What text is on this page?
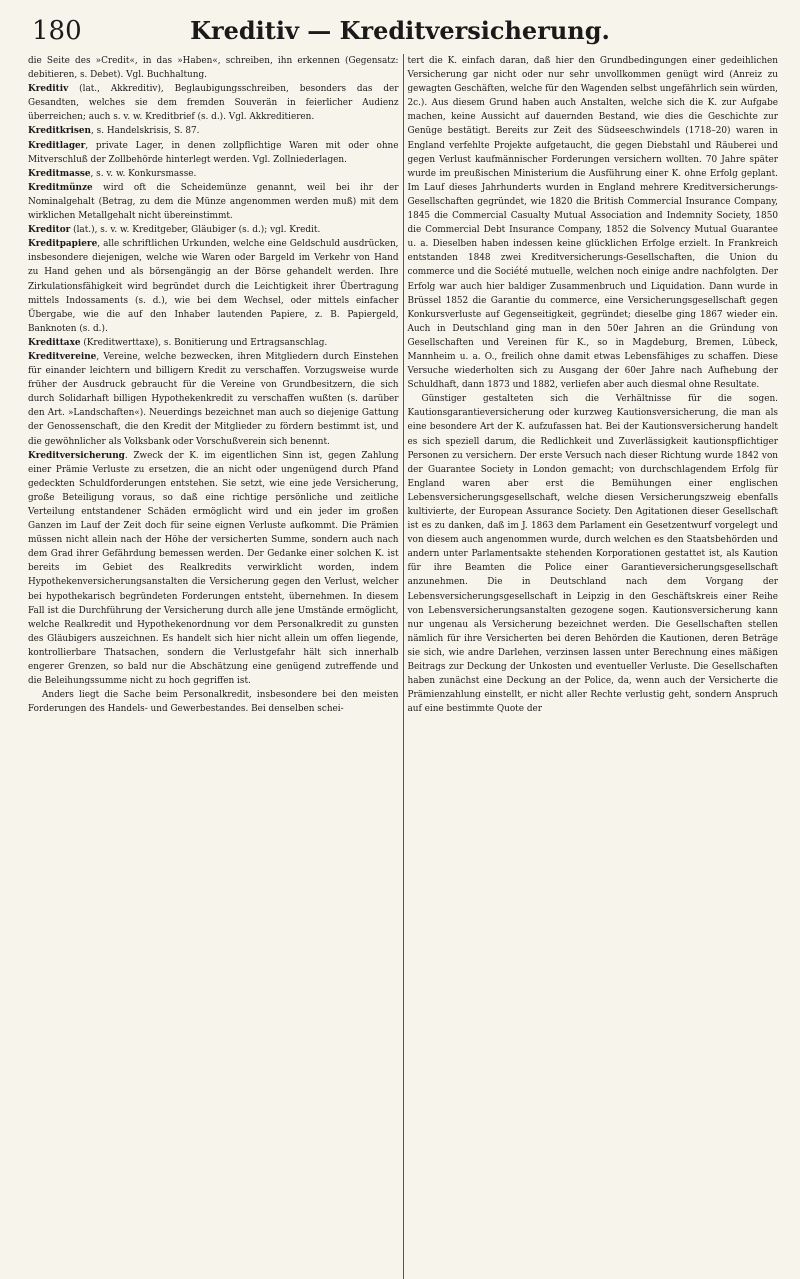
180	Kreditiv — Kreditversicherung.

die Seite des »Credit«, in das »Haben«, schreiben, ihn erkennen (Gegensatz: debitieren, s. Debet). Vgl. Buchhaltung.

Kreditiv (lat., Akkreditiv), Beglaubigungsschreiben, besonders das der Gesandten, welches sie dem fremden Souverän in feierlicher Audienz überreichen; auch s. v. w. Kreditbrief (s. d.). Vgl. Akkreditieren.

Kreditkrisen, s. Handelskrisis, S. 87.

Kreditlager, private Lager, in denen zollpflichtige Waren mit oder ohne Mitverschluß der Zollbehörde hinterlegt werden. Vgl. Zollniederlagen.

Kreditmasse, s. v. w. Konkursmasse.

Kreditmünze wird oft die Scheidemünze genannt, weil bei ihr der Nominalgehalt (Betrag, zu dem die Münze angenommen werden muß) mit dem wirklichen Metallgehalt nicht übereinstimmt.

Kreditor (lat.), s. v. w. Kreditgeber, Gläubiger (s. d.); vgl. Kredit.

Kreditpapiere, alle schriftlichen Urkunden, welche eine Geldschuld ausdrücken, insbesondere diejenigen, welche wie Waren oder Bargeld im Verkehr von Hand zu Hand gehen und als börsengängig an der Börse gehandelt werden. Ihre Zirkulationsfähigkeit wird begründet durch die Leichtigkeit ihrer Übertragung mittels Indossaments (s. d.), wie bei dem Wechsel, oder mittels einfacher Übergabe, wie die auf den Inhaber lautenden Papiere, z. B. Papiergeld, Banknoten (s. d.).

Kredittaxe (Kreditwerttaxe), s. Bonitierung und Ertragsanschlag.

Kreditvereine, Vereine, welche bezwecken, ihren Mitgliedern durch Einstehen für einander leichtern und billigern Kredit zu verschaffen. Vorzugsweise wurde früher der Ausdruck gebraucht für die Vereine von Grundbesitzern, die sich durch Solidarhaft billigen Hypothekenkredit zu verschaffen wußten (s. darüber den Art. »Landschaften«). Neuerdings bezeichnet man auch so diejenige Gattung der Genossenschaft, die den Kredit der Mitglieder zu fördern bestimmt ist, und die gewöhnlicher als Volksbank oder Vorschußverein sich benennt.

Kreditversicherung. Zweck der K. im eigentlichen Sinn ist, gegen Zahlung einer Prämie Verluste zu ersetzen, die an nicht oder ungenügend durch Pfand gedeckten Schuldforderungen entstehen. Sie setzt, wie eine jede Versicherung, große Beteiligung voraus, so daß eine richtige persönliche und zeitliche Verteilung entstandener Schäden ermöglicht wird und ein jeder im großen Ganzen im Lauf der Zeit doch für seine eignen Verluste aufkommt. Die Prämien müssen nicht allein nach der Höhe der versicherten Summe, sondern auch nach dem Grad ihrer Gefährdung bemessen werden. Der Gedanke einer solchen K. ist bereits im Gebiet des Realkredits verwirklicht worden, indem Hypothekenversicherungsanstalten die Versicherung gegen den Verlust, welcher bei hypothekarisch begründeten Forderungen entsteht, übernehmen. In diesem Fall ist die Durchführung der Versicherung durch alle jene Umstände ermöglicht, welche Realkredit und Hypothekenordnung vor dem Personalkredit zu gunsten des Gläubigers auszeichnen. Es handelt sich hier nicht allein um offen liegende, kontrollierbare Thatsachen, sondern die Verlustgefahr hält sich innerhalb engerer Grenzen, so bald nur die Abschätzung eine genügend zutreffende und die Beleihungssumme nicht zu hoch gegriffen ist.

Anders liegt die Sache beim Personalkredit, insbesondere bei den meisten Forderungen des Handels- und Gewerbestandes. Bei denselben schei-

tert die K. einfach daran, daß hier den Grundbedingungen einer gedeihlichen Versicherung gar nicht oder nur sehr unvollkommen genügt wird (Anreiz zu gewagten Geschäften, welche für den Wagenden selbst ungefährlich sein würden, 2c.). Aus diesem Grund haben auch Anstalten, welche sich die K. zur Aufgabe machen, keine Aussicht auf dauernden Bestand, wie dies die Geschichte zur Genüge bestätigt. Bereits zur Zeit des Südseeschwindels (1718–20) waren in England verfehlte Projekte aufgetaucht, die gegen Diebstahl und Räuberei und gegen Verlust kaufmännischer Forderungen versichern wollten. 70 Jahre später wurde im preußischen Ministerium die Ausführung einer K. ohne Erfolg geplant. Im Lauf dieses Jahrhunderts wurden in England mehrere Kreditversicherungs-Gesellschaften gegründet, wie 1820 die British Commercial Insurance Company, 1845 die Commercial Casualty Mutual Association and Indemnity Society, 1850 die Commercial Debt Insurance Company, 1852 die Solvency Mutual Guarantee u. a. Dieselben haben indessen keine glücklichen Erfolge erzielt. In Frankreich entstanden 1848 zwei Kreditversicherungs-Gesellschaften, die Union du commerce und die Société mutuelle, welchen noch einige andre nachfolgten. Der Erfolg war auch hier baldiger Zusammenbruch und Liquidation. Dann wurde in Brüssel 1852 die Garantie du commerce, eine Versicherungsgesellschaft gegen Konkursverluste auf Gegenseitigkeit, gegründet; dieselbe ging 1867 wieder ein. Auch in Deutschland ging man in den 50er Jahren an die Gründung von Gesellschaften und Vereinen für K., so in Magdeburg, Bremen, Lübeck, Mannheim u. a. O., freilich ohne damit etwas Lebensfähiges zu schaffen. Diese Versuche wiederholten sich zu Ausgang der 60er Jahre nach Aufhebung der Schuldhaft, dann 1873 und 1882, verliefen aber auch diesmal ohne Resultate.

Günstiger gestalteten sich die Verhältnisse für die sogen. Kautionsgarantieversicherung oder kurzweg Kautionsversicherung, die man als eine besondere Art der K. aufzufassen hat. Bei der Kautionsversicherung handelt es sich speziell darum, die Redlichkeit und Zuverlässigkeit kautionspflichtiger Personen zu versichern. Der erste Versuch nach dieser Richtung wurde 1842 von der Guarantee Society in London gemacht; von durchschlagendem Erfolg für England waren aber erst die Bemühungen einer englischen Lebensversicherungsgesellschaft, welche diesen Versicherungszweig ebenfalls kultivierte, der European Assurance Society. Den Agitationen dieser Gesellschaft ist es zu danken, daß im J. 1863 dem Parlament ein Gesetzentwurf vorgelegt und von diesem auch angenommen wurde, durch welchen es den Staatsbehörden und andern unter Parlamentsakte stehenden Korporationen gestattet ist, als Kaution für ihre Beamten die Police einer Garantieversicherungsgesellschaft anzunehmen. Die in Deutschland nach dem Vorgang der Lebensversicherungsgesellschaft in Leipzig in den Geschäftskreis einer Reihe von Lebensversicherungsanstalten gezogene sogen. Kautionsversicherung kann nur ungenau als Versicherung bezeichnet werden. Die Gesellschaften stellen nämlich für ihre Versicherten bei deren Behörden die Kautionen, deren Beträge sie sich, wie andre Darlehen, verzinsen lassen unter Berechnung eines mäßigen Beitrags zur Deckung der Unkosten und eventueller Verluste. Die Gesellschaften haben zunächst eine Deckung an der Police, da, wenn auch der Versicherte die Prämienzahlung einstellt, er nicht aller Rechte verlustig geht, sondern Anspruch auf eine bestimmte Quote der
